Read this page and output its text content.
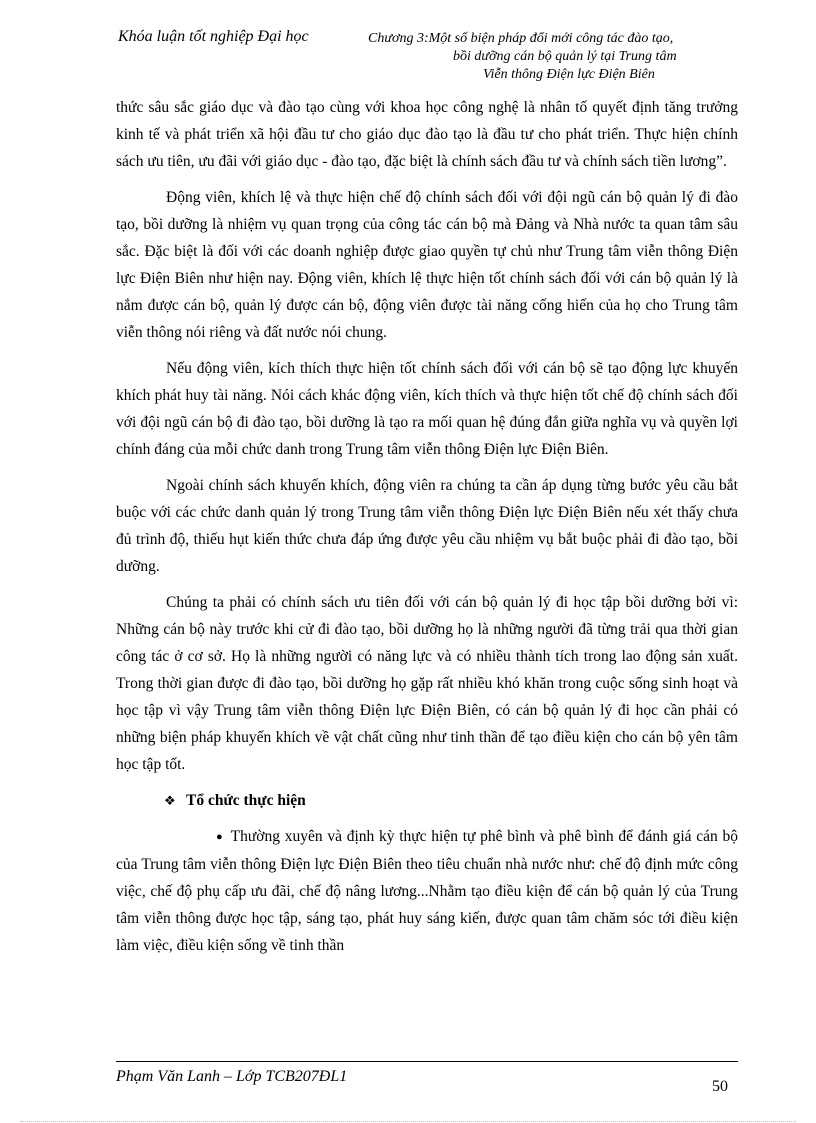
Khóa luận tốt nghiệp Đại học	Chương 3:Một số biện pháp đổi mới công tác đào tạo,
bồi dưỡng cán bộ quản lý tại Trung tâm
Viễn thông Điện lực Điện Biên

thức sâu sắc giáo dục và đào tạo cùng với khoa học công nghệ là nhân tố quyết định tăng trưởng kinh tế và phát triển xã hội đầu tư cho giáo dục đào tạo là đầu tư cho phát triển. Thực hiện chính sách ưu tiên, ưu đãi với giáo dục - đào tạo, đặc biệt là chính sách đầu tư và chính sách tiền lương”.

Động viên, khích lệ và thực hiện chế độ chính sách đối với đội ngũ cán bộ quản lý đi đào tạo, bồi dưỡng là nhiệm vụ quan trọng của công tác cán bộ mà Đảng và Nhà nước ta quan tâm sâu sắc. Đặc biệt là đối với các doanh nghiệp được giao quyền tự chủ như Trung tâm viễn thông Điện lực Điện Biên như hiện nay. Động viên, khích lệ thực hiện tốt chính sách đối với cán bộ quản lý là nắm được cán bộ, quản lý được cán bộ, động viên được tài năng cống hiến của họ cho Trung tâm viễn thông nói riêng và đất nước nói chung.

Nếu động viên, kích thích thực hiện tốt chính sách đối với cán bộ sẽ tạo động lực khuyến khích phát huy tài năng. Nói cách khác động viên, kích thích và thực hiện tốt chế độ chính sách đối với đội ngũ cán bộ đi đào tạo, bồi dưỡng là tạo ra mối quan hệ đúng đắn giữa nghĩa vụ và quyền lợi chính đáng của mỗi chức danh trong Trung tâm viễn thông Điện lực Điện Biên.

Ngoài chính sách khuyến khích, động viên ra chúng ta cần áp dụng từng bước yêu cầu bắt buộc với các chức danh quản lý trong Trung tâm viễn thông Điện lực Điện Biên nếu xét thấy chưa đủ trình độ, thiếu hụt kiến thức chưa đáp ứng được yêu cầu nhiệm vụ bắt buộc phải đi đào tạo, bồi dưỡng.

Chúng ta phải có chính sách ưu tiên đối với cán bộ quản lý đi học tập bồi dưỡng bởi vì: Những cán bộ này trước khi cử đi đào tạo, bồi dưỡng họ là những người đã từng trải qua thời gian công tác ở cơ sở. Họ là những người có năng lực và có nhiều thành tích trong lao động sản xuất. Trong thời gian được đi đào tạo, bồi dưỡng họ gặp rất nhiều khó khăn trong cuộc sống sinh hoạt và học tập vì vậy Trung tâm viễn thông Điện lực Điện Biên, có cán bộ quản lý đi học cần phải có những biện pháp khuyến khích về vật chất cũng như tinh thần để tạo điều kiện cho cán bộ yên tâm học tập tốt.

❖ Tổ chức thực hiện

● Thường xuyên và định kỳ thực hiện tự phê bình và phê bình để đánh giá cán bộ của Trung tâm viễn thông Điện lực Điện Biên theo tiêu chuẩn nhà nước như: chế độ định mức công việc, chế độ phụ cấp ưu đãi, chế độ nâng lương...Nhằm tạo điều kiện để cán bộ quản lý của Trung tâm viễn thông được học tập, sáng tạo, phát huy sáng kiến, được quan tâm chăm sóc tới điều kiện làm việc, điều kiện sống về tinh thần

Phạm Văn Lanh – Lớp TCB207ĐL1
50
